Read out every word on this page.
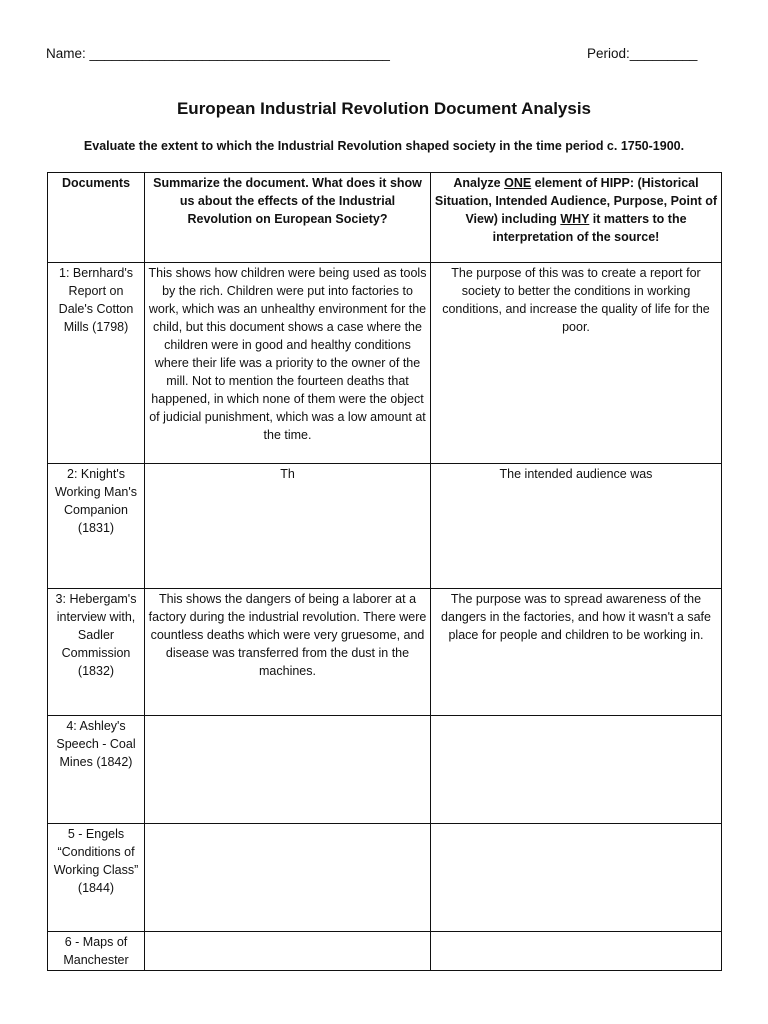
Name: ________________________________________	Period:_________
European Industrial Revolution Document Analysis
Evaluate the extent to which the Industrial Revolution shaped society in the time period c. 1750-1900.
Documents	Summarize the document. What does it show us about the effects of the Industrial Revolution on European Society?	Analyze ONE element of HIPP: (Historical Situation, Intended Audience, Purpose, Point of View) including WHY it matters to the interpretation of the source!
1: Bernhard's Report on Dale's Cotton Mills (1798)	This shows how children were being used as tools by the rich. Children were put into factories to work, which was an unhealthy environment for the child, but this document shows a case where the children were in good and healthy conditions where their life was a priority to the owner of the mill. Not to mention the fourteen deaths that happened, in which none of them were the object of judicial punishment, which was a low amount at the time.	The purpose of this was to create a report for society to better the conditions in working conditions, and increase the quality of life for the poor.
2: Knight's Working Man's Companion (1831)	Th	The intended audience was
3: Hebergam's interview with, Sadler Commission (1832)	This shows the dangers of being a laborer at a factory during the industrial revolution. There were countless deaths which were very gruesome, and disease was transferred from the dust in the machines.	The purpose was to spread awareness of the dangers in the factories, and how it wasn't a safe place for people and children to be working in.
4: Ashley's Speech - Coal Mines (1842)		
5 - Engels “Conditions of Working Class” (1844)		
6 - Maps of Manchester		
